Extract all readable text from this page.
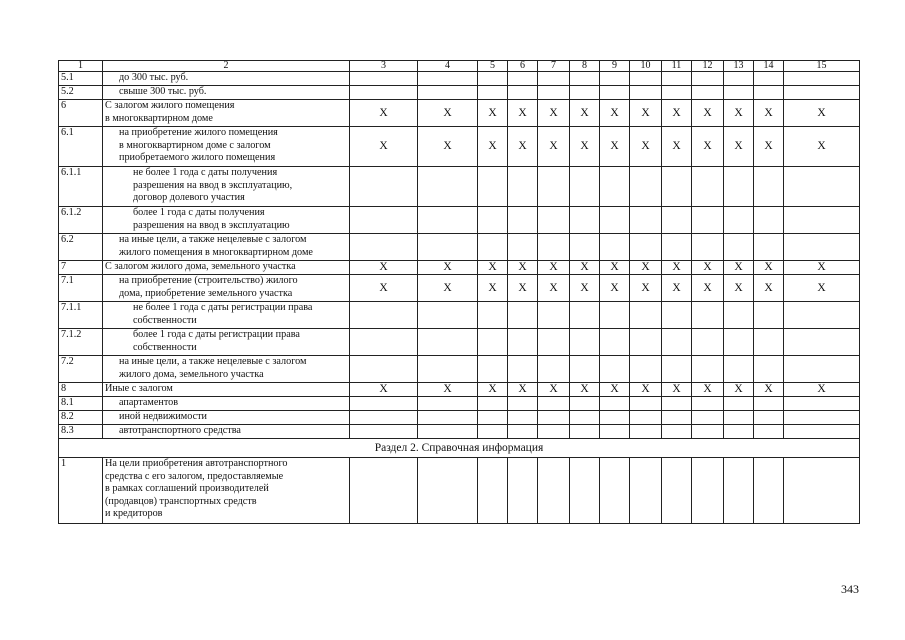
1	2	3	4	5	6	7	8	9	10	11	12	13	14	15
5.1	до 300 тыс. руб.													

5.2	свыше 300 тыс. руб.													

6	С залогом жилого помещения
в многоквартирном доме	X	X	X	X	X	X	X	X	X	X	X	X	X
6.1	на приобретение жилого помещения
в многоквартирном доме с залогом
приобретаемого жилого помещения	X	X	X	X	X	X	X	X	X	X	X	X	X
6.1.1	не более 1 года с даты получения
разрешения на ввод в эксплуатацию,
договор долевого участия													

6.1.2	более 1 года с даты получения
разрешения на ввод в эксплуатацию													

6.2	на иные цели, а также нецелевые с залогом
жилого помещения в многоквартирном доме													

7	С залогом жилого дома, земельного участка	X	X	X	X	X	X	X	X	X	X	X	X	X
7.1	на приобретение (строительство) жилого
дома, приобретение земельного участка	X	X	X	X	X	X	X	X	X	X	X	X	X
7.1.1	не более 1 года с даты регистрации права
собственности													

7.1.2	более 1 года с даты регистрации права
собственности													

7.2	на иные цели, а также нецелевые с залогом
жилого дома, земельного участка													

8	Иные с залогом	X	X	X	X	X	X	X	X	X	X	X	X	X
8.1	апартаментов													

8.2	иной недвижимости													

8.3	автотранспортного средства													

Раздел 2. Справочная информация														
1	На цели приобретения автотранспортного
средства с его залогом, предоставляемые
в рамках соглашений производителей
(продавцов) транспортных средств
и кредиторов													

343
